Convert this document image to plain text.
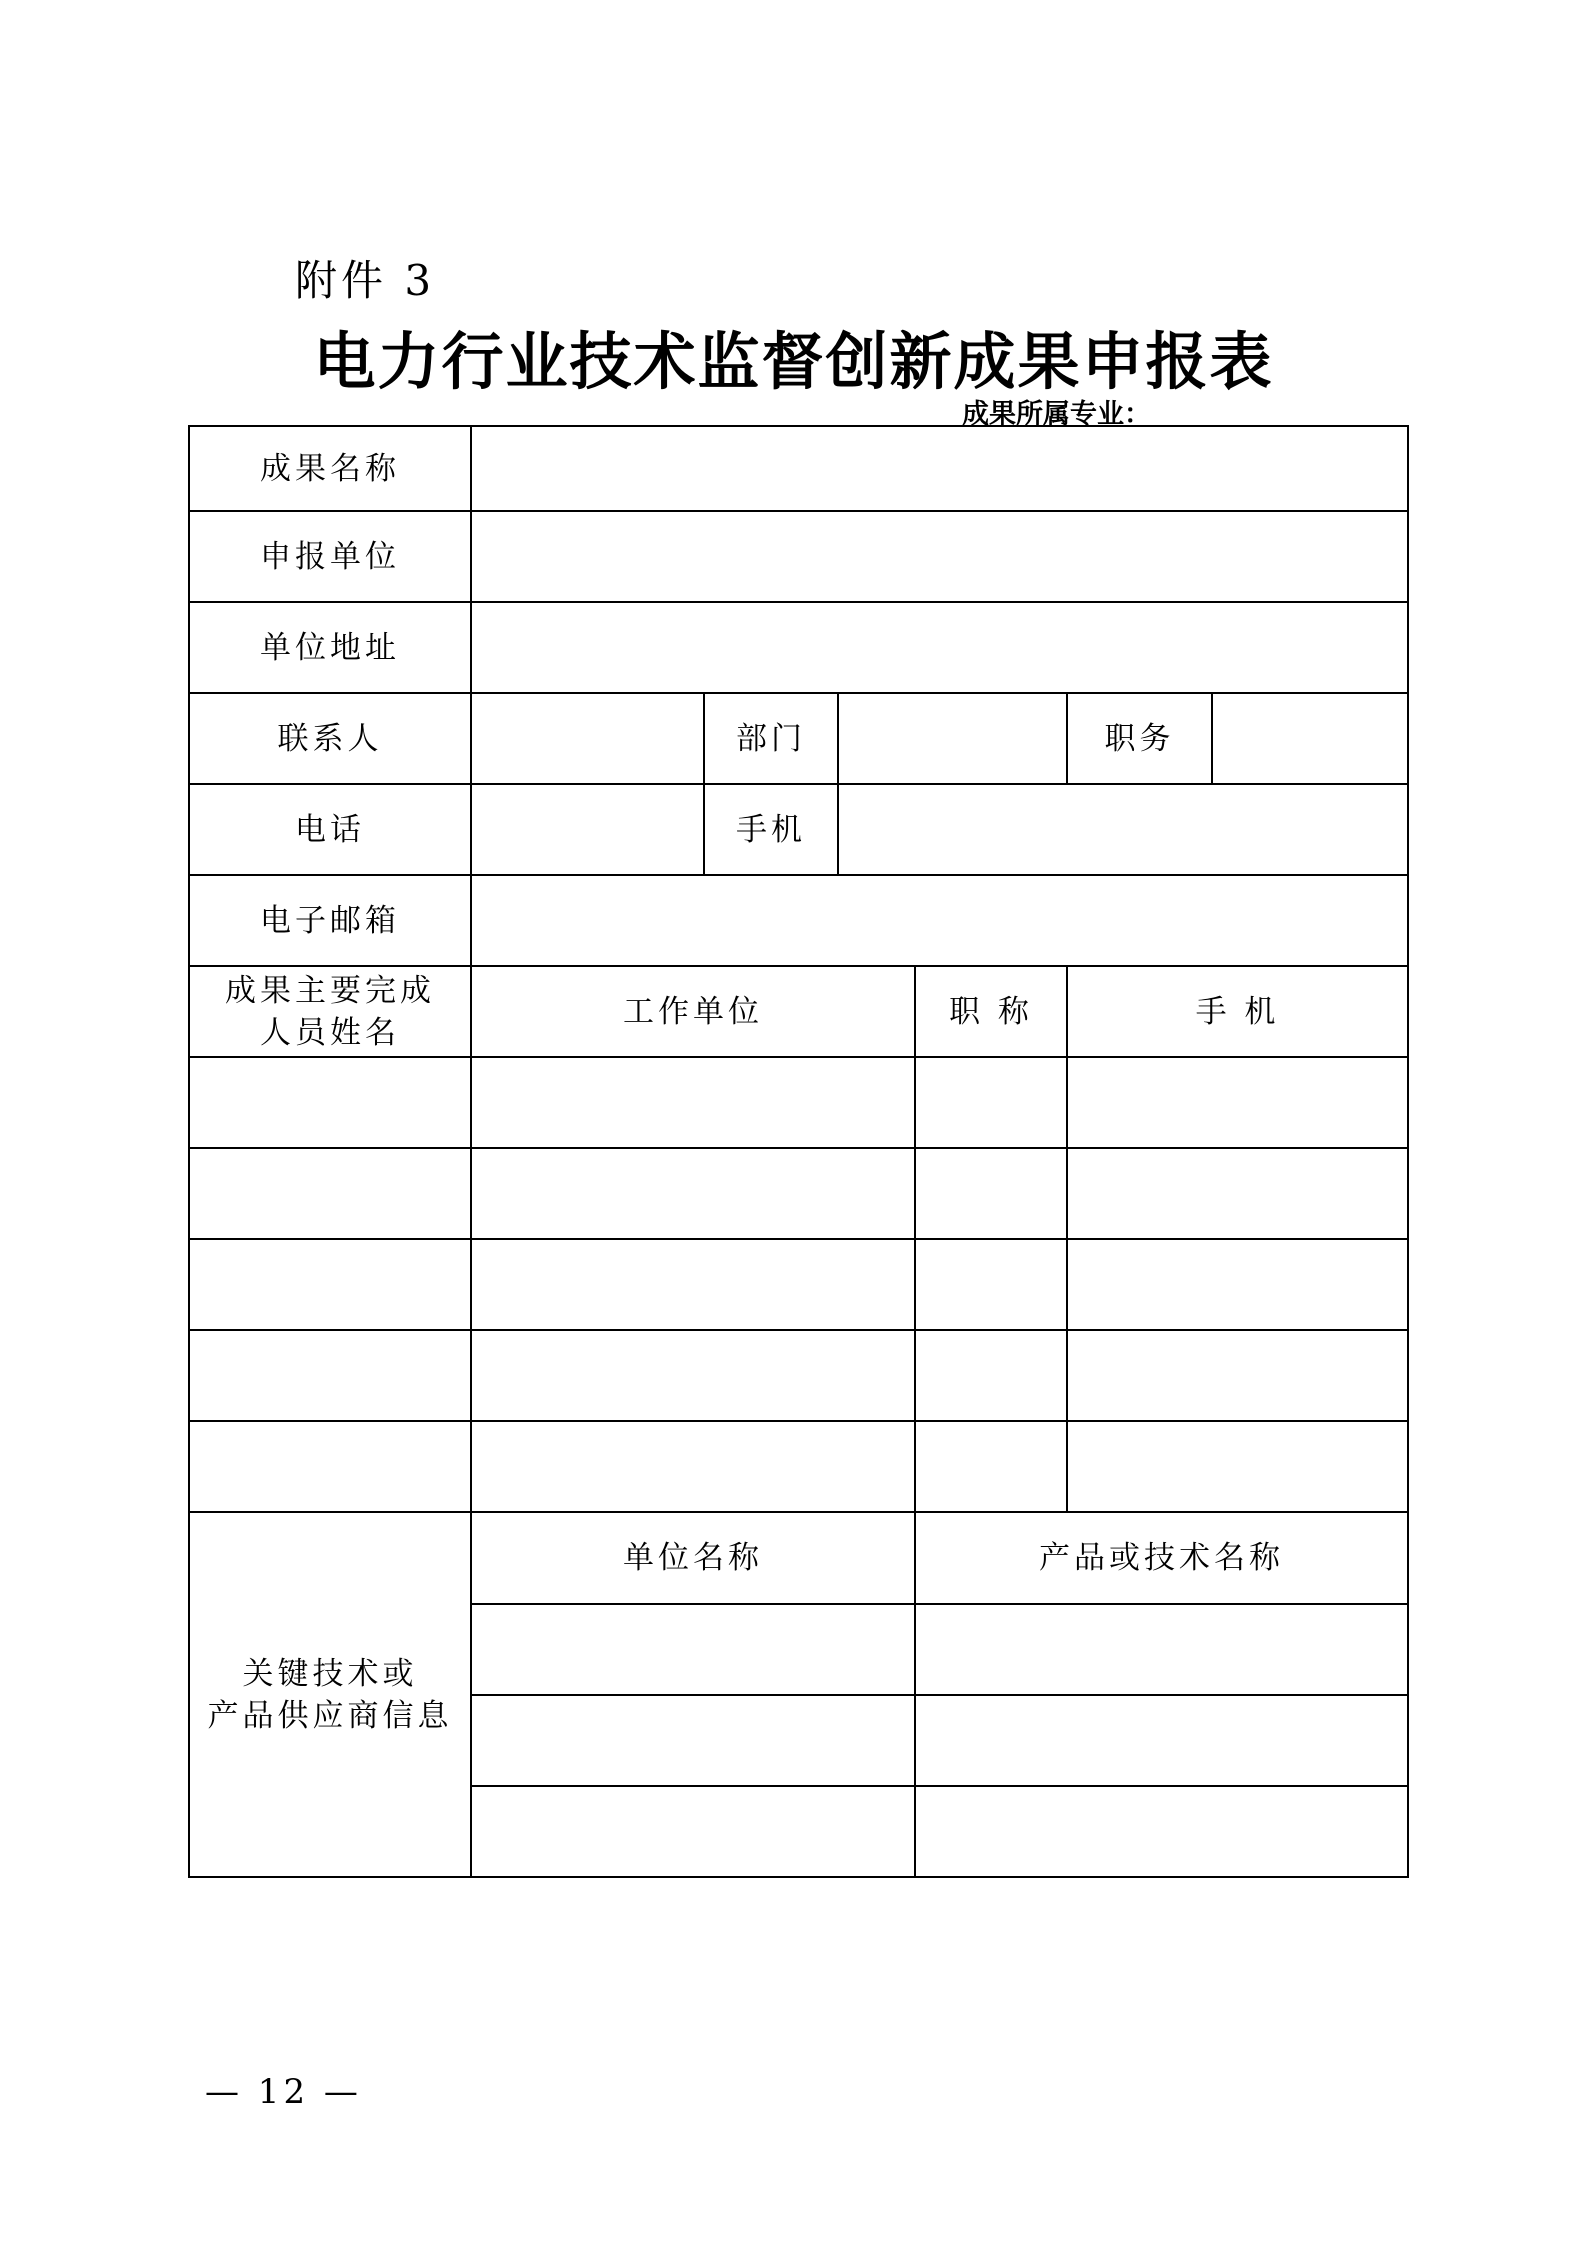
附件 3
电力行业技术监督创新成果申报表
成果所属专业：
成果名称						
申报单位						
单位地址						
联系人		部门			职务	
电话		手机				
电子邮箱						
成果主要完成
人员姓名	工作单位			职 称	手 机	

关键技术或
产品供应商信息	单位名称			产品或技术名称		

— 12 —
